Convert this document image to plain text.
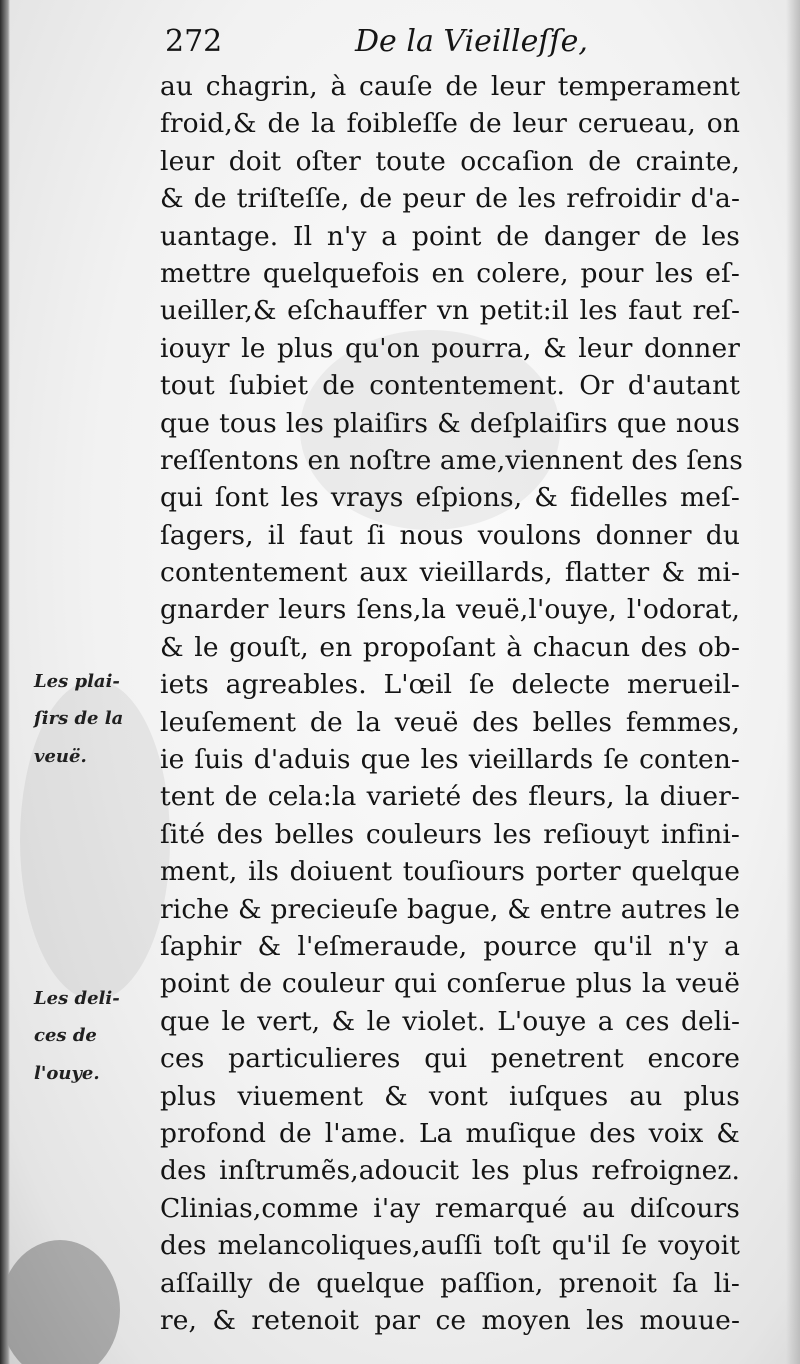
272	De la Vieilleſſe,
au chagrin, à cauſe de leur temperament
froid,& de la foibleſſe de leur cerueau, on
leur doit oſter toute occaſion de crainte,
& de triſteſſe, de peur de les refroidir d'a-
uantage. Il n'y a point de danger de les
mettre quelquefois en colere, pour les eſ-
ueiller,& eſchauffer vn petit:il les faut reſ-
iouyr le plus qu'on pourra, & leur donner
tout ſubiet de contentement. Or d'autant
que tous les plaiſirs & deſplaiſirs que nous
reſſentons en noſtre ame,viennent des ſens
qui ſont les vrays eſpions, & fidelles meſ-
ſagers, il faut ſi nous voulons donner du
contentement aux vieillards, flatter & mi-
gnarder leurs ſens,la veuë,l'ouye, l'odorat,
& le gouſt, en propoſant à chacun des ob-
iets agreables. L'œil ſe delecte merueil-
leuſement de la veuë des belles femmes,
ie ſuis d'aduis que les vieillards ſe conten-
tent de cela:la varieté des fleurs, la diuer-
ſité des belles couleurs les reſiouyt infini-
ment, ils doiuent touſiours porter quelque
riche & precieuſe bague, & entre autres le
ſaphir & l'eſmeraude, pource qu'il n'y a
point de couleur qui conſerue plus la veuë
que le vert, & le violet. L'ouye a ces deli-
ces particulieres qui penetrent encore
plus viuement & vont iuſques au plus
profond de l'ame. La muſique des voix &
des inſtrumẽs,adoucit les plus refroignez.
Clinias,comme i'ay remarqué au diſcours
des melancoliques,auſſi toſt qu'il ſe voyoit
aſſailly de quelque paſſion, prenoit ſa li-
re, & retenoit par ce moyen les mouue-
Les plai-
ſirs de la
veuë.
Les deli-
ces de
l'ouye.
